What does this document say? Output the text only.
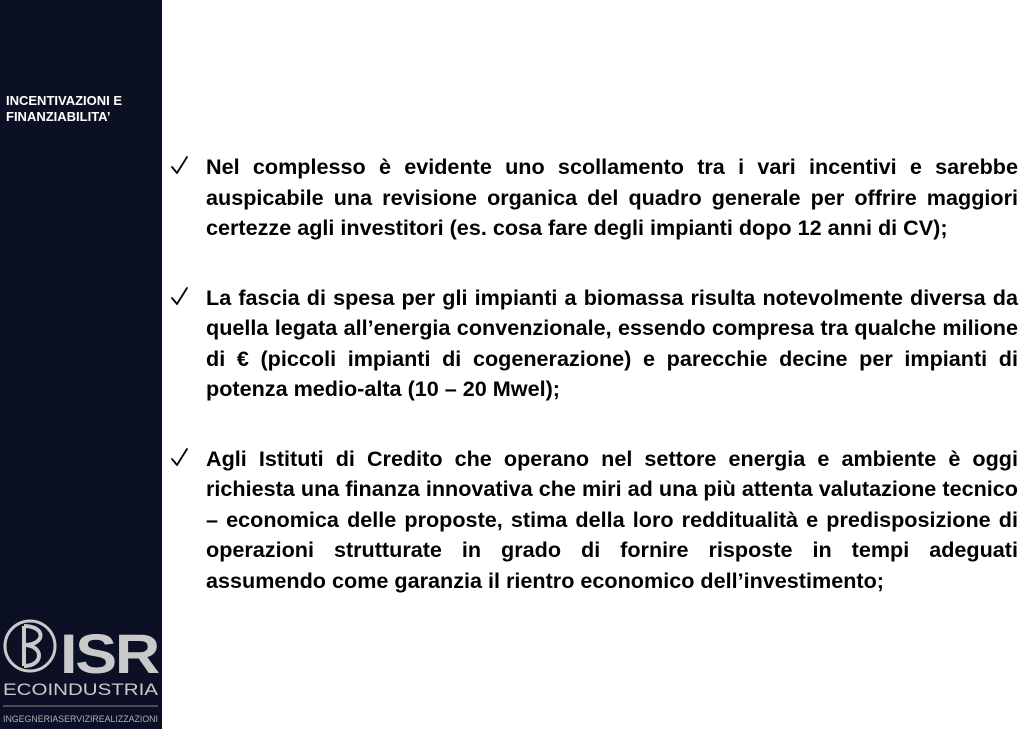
INCENTIVAZIONI E FINANZIABILITA’

ISR
ECOINDUSTRIA
INGEGNERIASERVIZIREALIZZAZIONI

Nel complesso è evidente uno scollamento tra i vari incentivi e sarebbe auspicabile una revisione organica del quadro generale per offrire maggiori certezze agli investitori (es. cosa fare degli impianti dopo 12 anni di CV);

La fascia di spesa per gli impianti a biomassa risulta notevolmente diversa da quella legata all’energia convenzionale, essendo compresa tra qualche milione di € (piccoli impianti di cogenerazione) e parecchie decine per impianti di potenza medio-alta (10 – 20 Mwel);

Agli Istituti di Credito che operano nel settore energia e ambiente è oggi richiesta una finanza innovativa che miri ad una più attenta valutazione tecnico – economica delle proposte, stima della loro redditualità e predisposizione di operazioni strutturate in grado di fornire risposte in tempi adeguati assumendo come garanzia il rientro economico dell’investimento;
